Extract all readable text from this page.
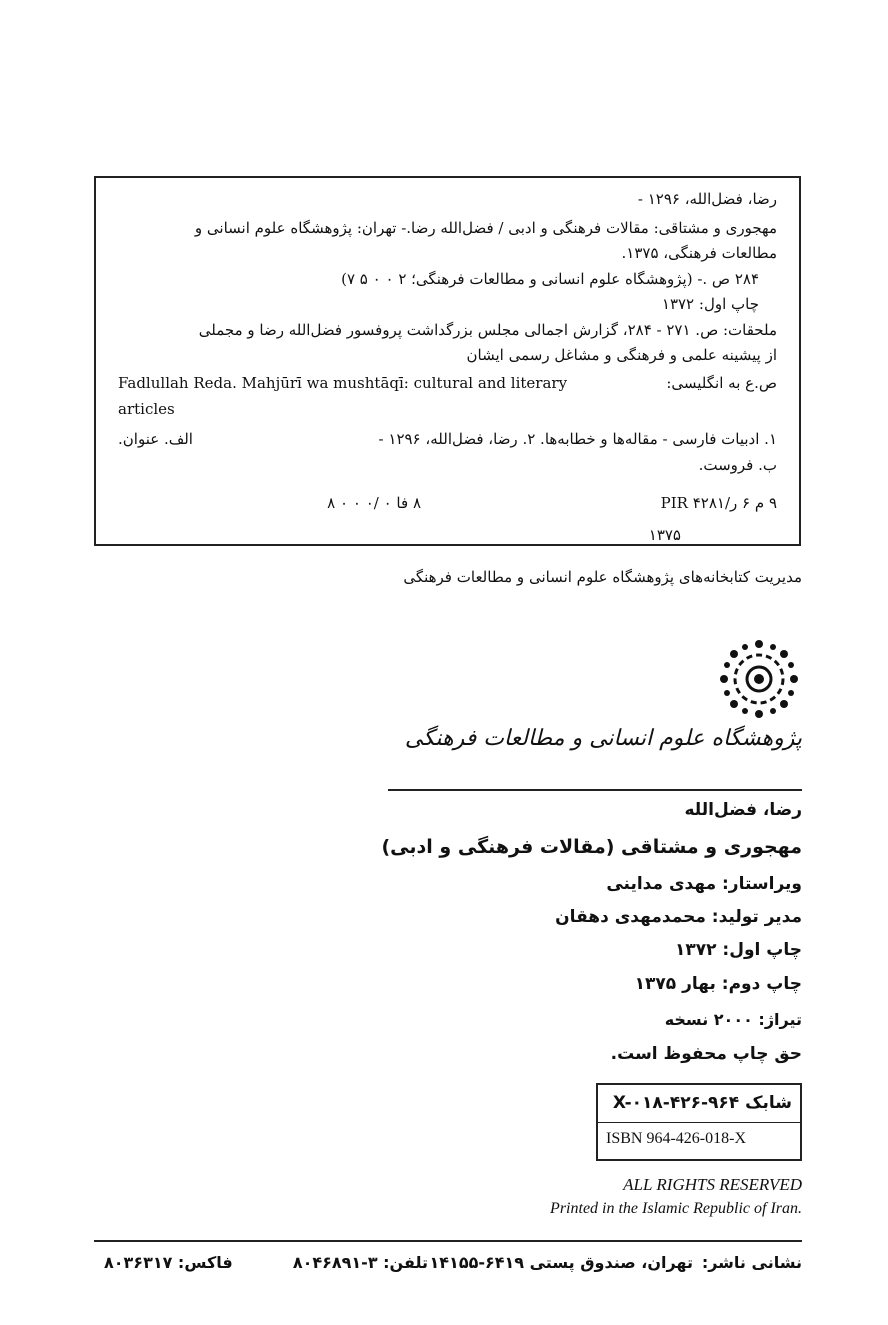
رضا، فضل‌الله، ۱۲۹۶ -
مهجوری و مشتاقی: مقالات فرهنگی و ادبی / فضل‌الله رضا.- تهران: پژوهشگاه علوم انسانی و
مطالعات فرهنگی، ۱۳۷۵.
۲۸۴ ص .- (پژوهشگاه علوم انسانی و مطالعات فرهنگی؛ ۲ ۰ ۰ ۵ ۷)
چاپ اول: ۱۳۷۲
ملحقات: ص. ۲۷۱ - ۲۸۴، گزارش اجمالی مجلس بزرگداشت پروفسور فضل‌الله رضا و مجملی
از پیشینه علمی و فرهنگی و مشاغل رسمی ایشان
ص.ع به انگلیسی:
Fadlullah Reda. Mahjūrī wa mushtāqī: cultural and literary
articles
۱. ادبیات فارسی - مقاله‌ها و خطابه‌ها. ۲. رضا، فضل‌الله، ۱۲۹۶ -
الف. عنوان.
ب. فروست.
۹ م ۶ ر/۴۲۸۱ PIR
۸ فا ۰ /۰ ۰ ۰ ۸
۱۳۷۵
مدیریت کتابخانه‌های پژوهشگاه علوم انسانی و مطالعات فرهنگی
پژوهشگاه علوم انسانی و مطالعات فرهنگی
رضا، فضل‌الله
مهجوری و مشتاقی (مقالات فرهنگی و ادبی)
ویراستار: مهدی مداینی
مدیر تولید: محمدمهدی دهقان
چاپ اول: ۱۳۷۲
چاپ دوم: بهار ۱۳۷۵
تیراژ: ۲۰۰۰ نسخه
حق چاپ محفوظ است.
شابک X-۰۱۸-۴۲۶-۹۶۴
ISBN 964-426-018-X
ALL RIGHTS RESERVED
Printed in the Islamic Republic of Iran.
نشانی ناشر:
تهران، صندوق پستی ۶۴۱۹-۱۴۱۵۵
تلفن: ۳-۸۰۴۶۸۹۱
فاکس: ۸۰۳۶۳۱۷
